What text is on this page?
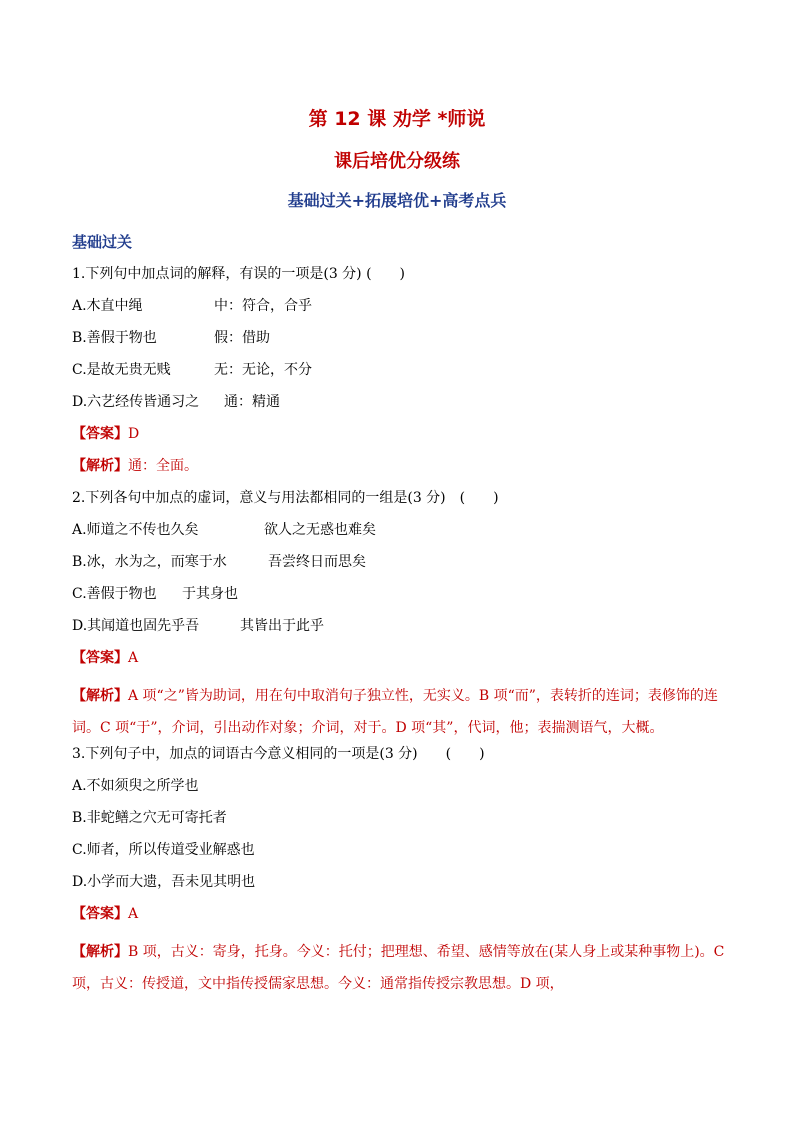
第 12 课 劝学 *师说
课后培优分级练
基础过关+拓展培优+高考点兵
基础过关
1.下列句中加点词的解释，有误的一项是(3 分) (　　)
A.木直中绳	中：符合，合乎
B.善假于物也	假：借助
C.是故无贵无贱	无：无论，不分
D.六艺经传皆通习之 通：精通
【答案】D
【解析】通：全面。
2.下列各句中加点的虚词，意义与用法都相同的一组是(3 分)　(　　)
A.师道之不传也久矣	欲人之无惑也难矣
B.冰，水为之，而寒于水	吾尝终日而思矣
C.善假于物也 于其身也
D.其闻道也固先乎吾	其皆出于此乎
【答案】A
【解析】A 项“之”皆为助词，用在句中取消句子独立性，无实义。B 项“而”，表转折的连词；表修饰的连词。C 项“于”，介词，引出动作对象；介词，对于。D 项“其”，代词，他；表揣测语气，大概。
3.下列句子中，加点的词语古今意义相同的一项是(3 分)　　(　　)
A.不如须臾之所学也
B.非蛇鳝之穴无可寄托者
C.师者，所以传道受业解惑也
D.小学而大遗，吾未见其明也
【答案】A
【解析】B 项，古义：寄身，托身。今义：托付；把理想、希望、感情等放在(某人身上或某种事物上)。C 项，古义：传授道，文中指传授儒家思想。今义：通常指传授宗教思想。D 项，
